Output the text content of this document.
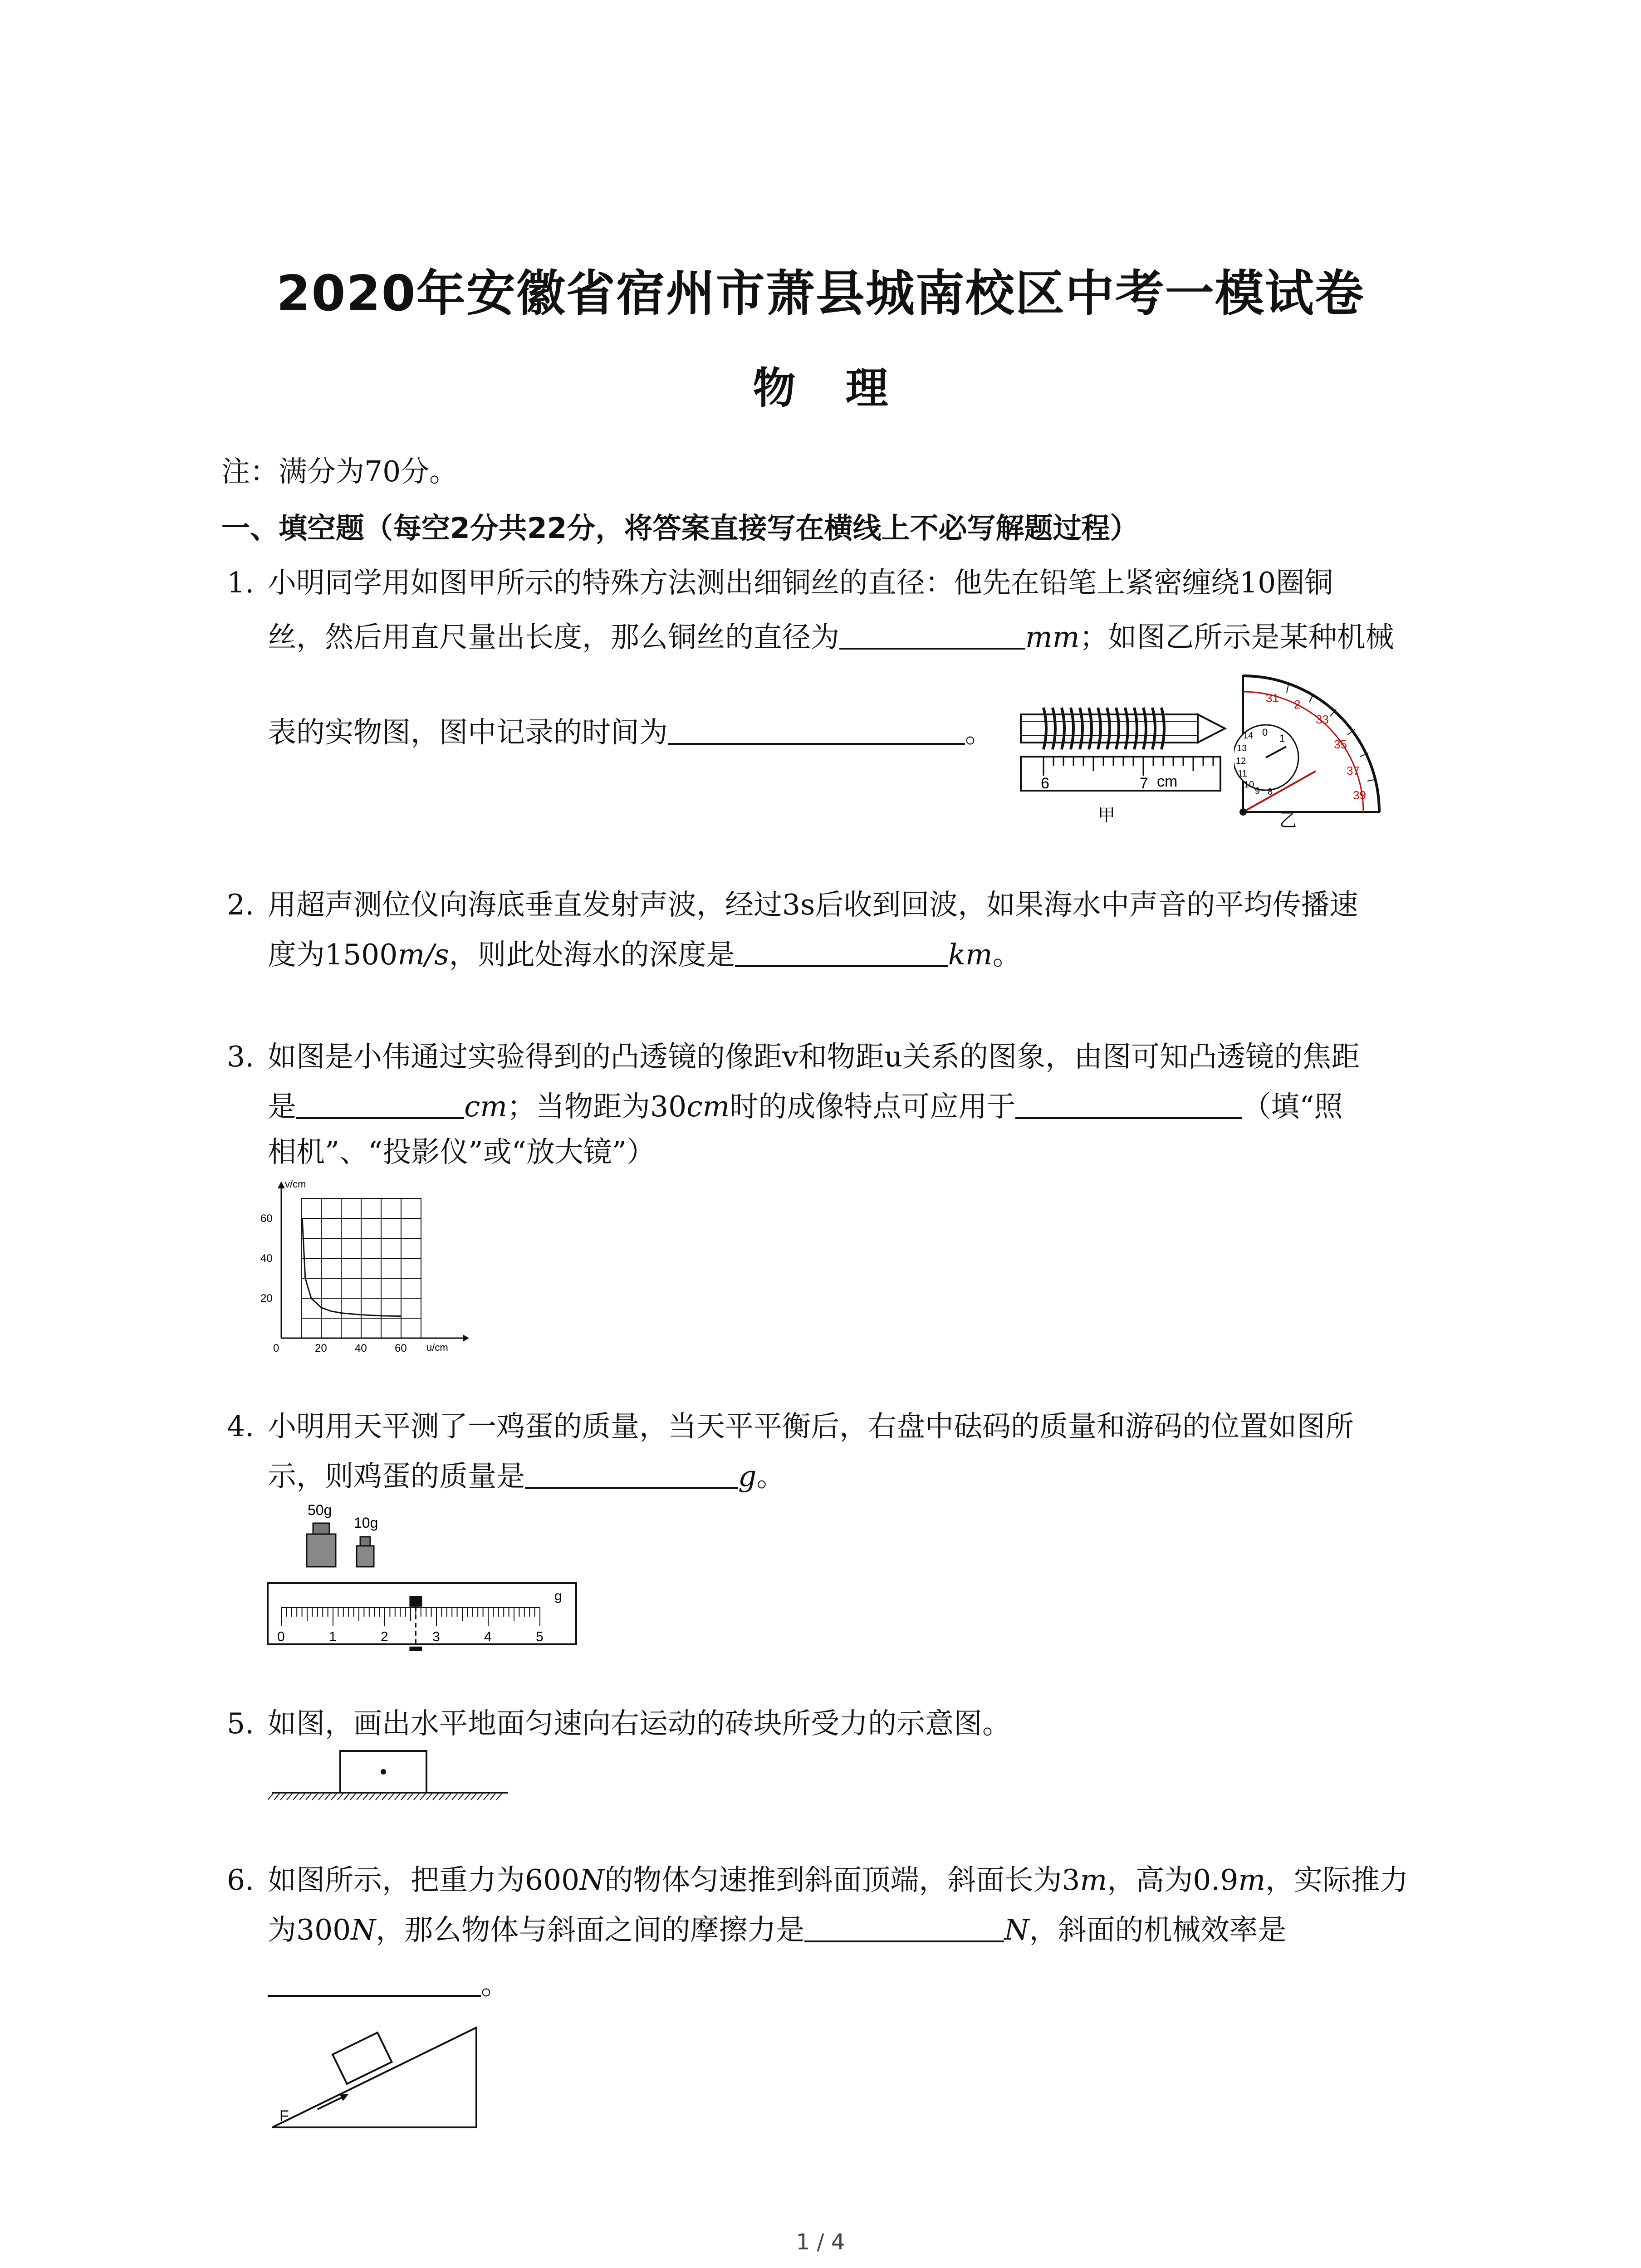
2020年安徽省宿州市萧县城南校区中考一模试卷
物理
注：满分为70分。
一、填空题（每空2分共22分，将答案直接写在横线上不必写解题过程）
1. 小明同学用如图甲所示的特殊方法测出细铜丝的直径：他先在铅笔上紧密缠绕10圈铜
丝，然后用直尺量出长度，那么铜丝的直径为	mm；如图乙所示是某种机械
表的实物图，图中记录的时间为	。
6	7 cm
甲
31 2
33
35
37
39
0
1
14
13
12
11
10
9 8
乙
2. 用超声测位仪向海底垂直发射声波，经过3s后收到回波，如果海水中声音的平均传播速
度为1500m/s，则此处海水的深度是	km。
3. 如图是小伟通过实验得到的凸透镜的像距v和物距u关系的图象，由图可知凸透镜的焦距
是	cm；当物距为30cm时的成像特点可应用于	（填“照
相机”、“投影仪”或“放大镜”）
v/cm
u/cm
0	20	40	60
20
40
60
4. 小明用天平测了一鸡蛋的质量，当天平平衡后，右盘中砝码的质量和游码的位置如图所
示，则鸡蛋的质量是	g。
50g
10g
0	1	2	3	4	5
g
5. 如图，画出水平地面匀速向右运动的砖块所受力的示意图。
6. 如图所示，把重力为600N的物体匀速推到斜面顶端，斜面长为3m，高为0.9m，实际推力
为300N，那么物体与斜面之间的摩擦力是	N，斜面的机械效率是
。
F
1 / 4
